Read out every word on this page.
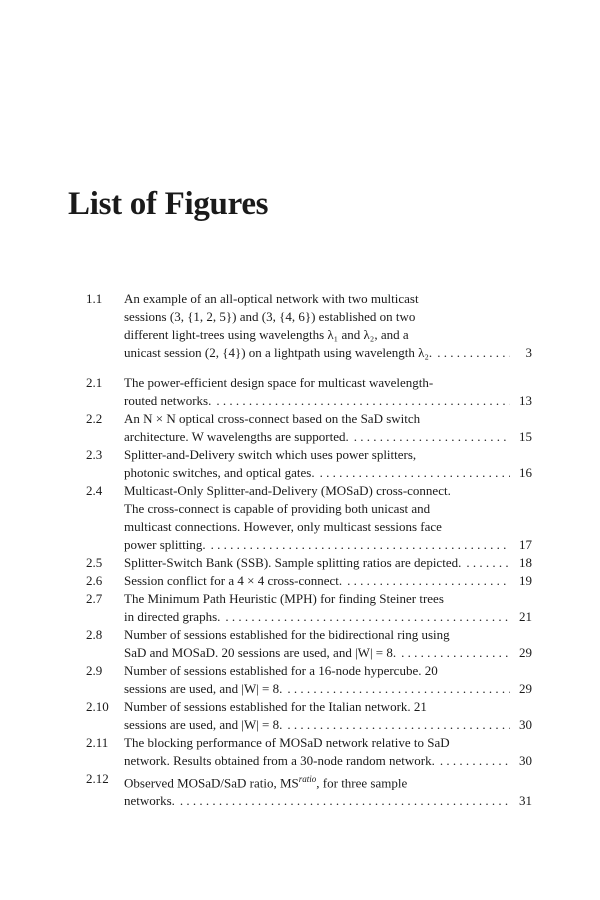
List of Figures
1.1	An example of an all-optical network with two multicast
sessions (3, {1, 2, 5}) and (3, {4, 6}) established on two
different light-trees using wavelengths λ₁ and λ₂, and a
unicast session (2, {4}) on a lightpath using wavelength λ₂. . . .	3
2.1	The power-efficient design space for multicast wavelength-
routed networks. . . .	13
2.2	An N × N optical cross-connect based on the SaD switch
architecture. W wavelengths are supported. . . .	15
2.3	Splitter-and-Delivery switch which uses power splitters,
photonic switches, and optical gates. . . .	16
2.4	Multicast-Only Splitter-and-Delivery (MOSaD) cross-connect.
The cross-connect is capable of providing both unicast and
multicast connections. However, only multicast sessions face
power splitting. . . .	17
2.5	Splitter-Switch Bank (SSB). Sample splitting ratios are depicted. . . .	18
2.6	Session conflict for a 4 × 4 cross-connect. . . .	19
2.7	The Minimum Path Heuristic (MPH) for finding Steiner trees
in directed graphs. . . .	21
2.8	Number of sessions established for the bidirectional ring using
SaD and MOSaD. 20 sessions are used, and |W| = 8. . . .	29
2.9	Number of sessions established for a 16-node hypercube. 20
sessions are used, and |W| = 8. . . .	29
2.10	Number of sessions established for the Italian network. 21
sessions are used, and |W| = 8. . . .	30
2.11	The blocking performance of MOSaD network relative to SaD
network. Results obtained from a 30-node random network. . . .	30
2.12	Observed MOSaD/SaD ratio, $MS^{ratio}$, for three sample
networks. . . .	31
